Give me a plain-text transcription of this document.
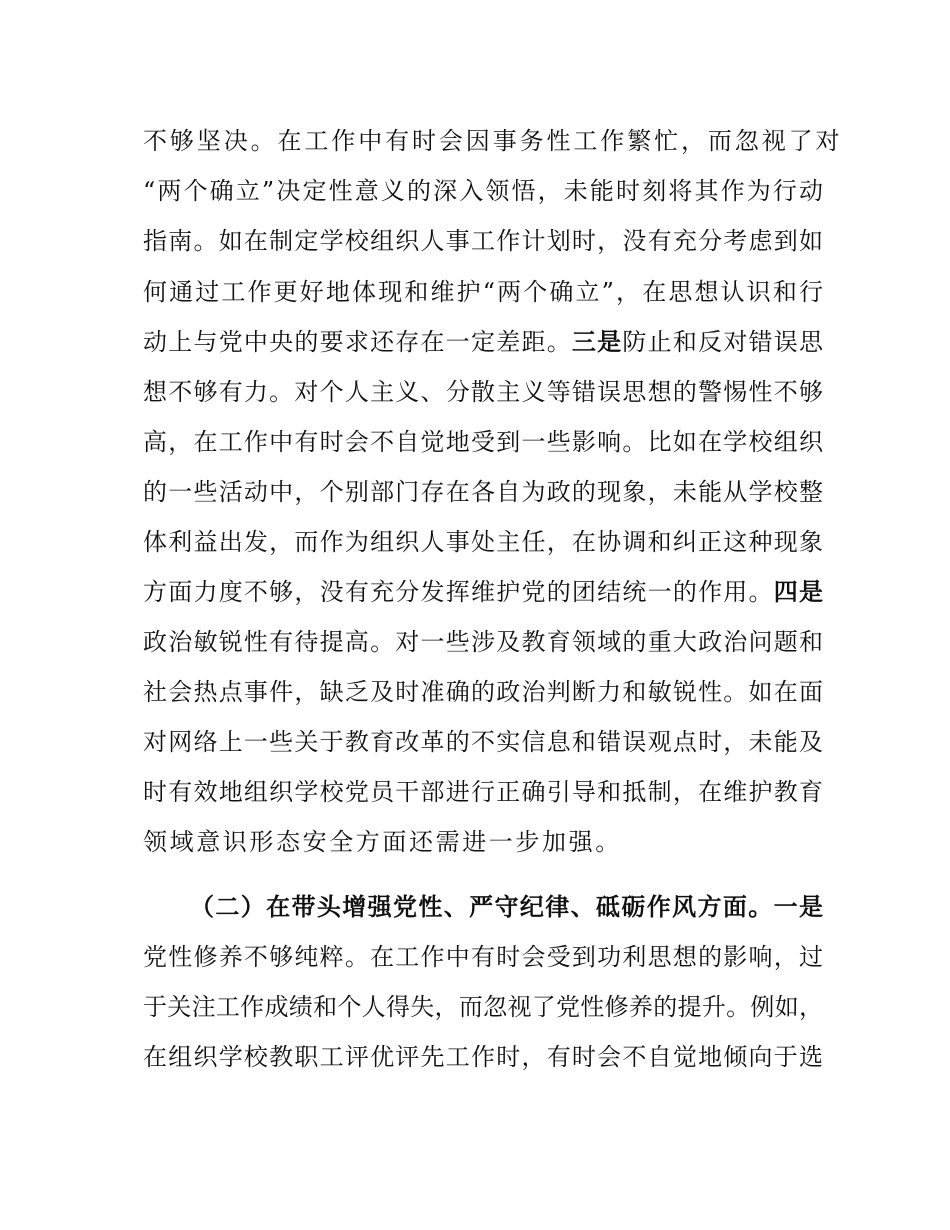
不够坚决。在工作中有时会因事务性工作繁忙，而忽视了对
“两个确立”决定性意义的深入领悟，未能时刻将其作为行动
指南。如在制定学校组织人事工作计划时，没有充分考虑到如
何通过工作更好地体现和维护“两个确立”，在思想认识和行
动上与党中央的要求还存在一定差距。三是防止和反对错误思
想不够有力。对个人主义、分散主义等错误思想的警惕性不够
高，在工作中有时会不自觉地受到一些影响。比如在学校组织
的一些活动中，个别部门存在各自为政的现象，未能从学校整
体利益出发，而作为组织人事处主任，在协调和纠正这种现象
方面力度不够，没有充分发挥维护党的团结统一的作用。四是
政治敏锐性有待提高。对一些涉及教育领域的重大政治问题和
社会热点事件，缺乏及时准确的政治判断力和敏锐性。如在面
对网络上一些关于教育改革的不实信息和错误观点时，未能及
时有效地组织学校党员干部进行正确引导和抵制，在维护教育
领域意识形态安全方面还需进一步加强。
（二）在带头增强党性、严守纪律、砥砺作风方面。一是
党性修养不够纯粹。在工作中有时会受到功利思想的影响，过
于关注工作成绩和个人得失，而忽视了党性修养的提升。例如，
在组织学校教职工评优评先工作时，有时会不自觉地倾向于选
